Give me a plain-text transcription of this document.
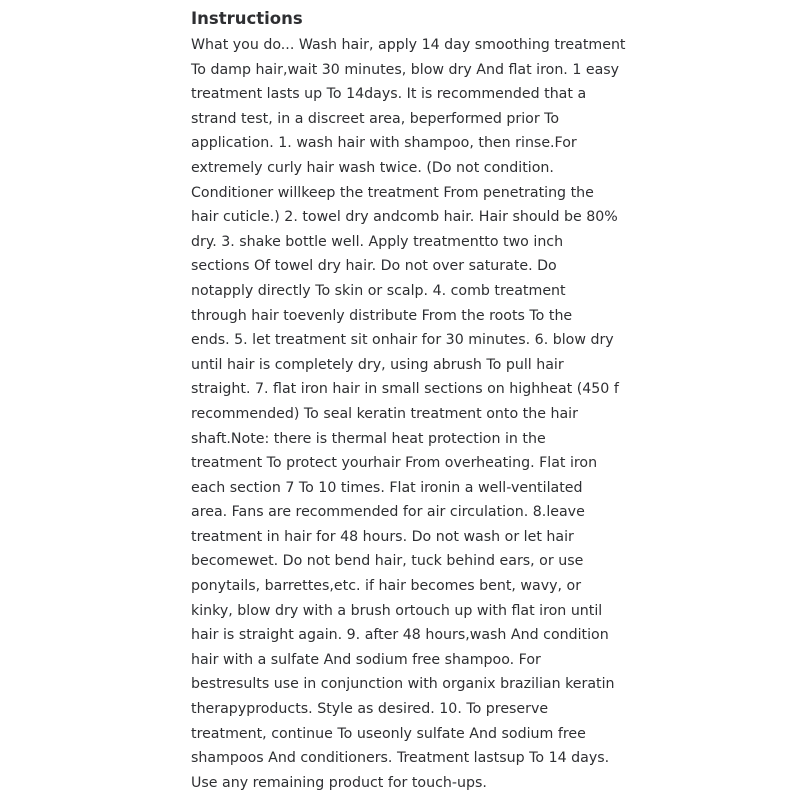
Instructions

What you do... Wash hair, apply 14 day smoothing treatment
To damp hair,wait 30 minutes, blow dry And flat iron. 1 easy
treatment lasts up To 14days. It is recommended that a
strand test, in a discreet area, beperformed prior To
application. 1. wash hair with shampoo, then rinse.For
extremely curly hair wash twice. (Do not condition.
Conditioner willkeep the treatment From penetrating the
hair cuticle.) 2. towel dry andcomb hair. Hair should be 80%
dry. 3. shake bottle well. Apply treatmentto two inch
sections Of towel dry hair. Do not over saturate. Do
notapply directly To skin or scalp. 4. comb treatment
through hair toevenly distribute From the roots To the
ends. 5. let treatment sit onhair for 30 minutes. 6. blow dry
until hair is completely dry, using abrush To pull hair
straight. 7. flat iron hair in small sections on highheat (450 f
recommended) To seal keratin treatment onto the hair
shaft.Note: there is thermal heat protection in the
treatment To protect yourhair From overheating. Flat iron
each section 7 To 10 times. Flat ironin a well-ventilated
area. Fans are recommended for air circulation. 8.leave
treatment in hair for 48 hours. Do not wash or let hair
becomewet. Do not bend hair, tuck behind ears, or use
ponytails, barrettes,etc. if hair becomes bent, wavy, or
kinky, blow dry with a brush ortouch up with flat iron until
hair is straight again. 9. after 48 hours,wash And condition
hair with a sulfate And sodium free shampoo. For
bestresults use in conjunction with organix brazilian keratin
therapyproducts. Style as desired. 10. To preserve
treatment, continue To useonly sulfate And sodium free
shampoos And conditioners. Treatment lastsup To 14 days.
Use any remaining product for touch-ups.
